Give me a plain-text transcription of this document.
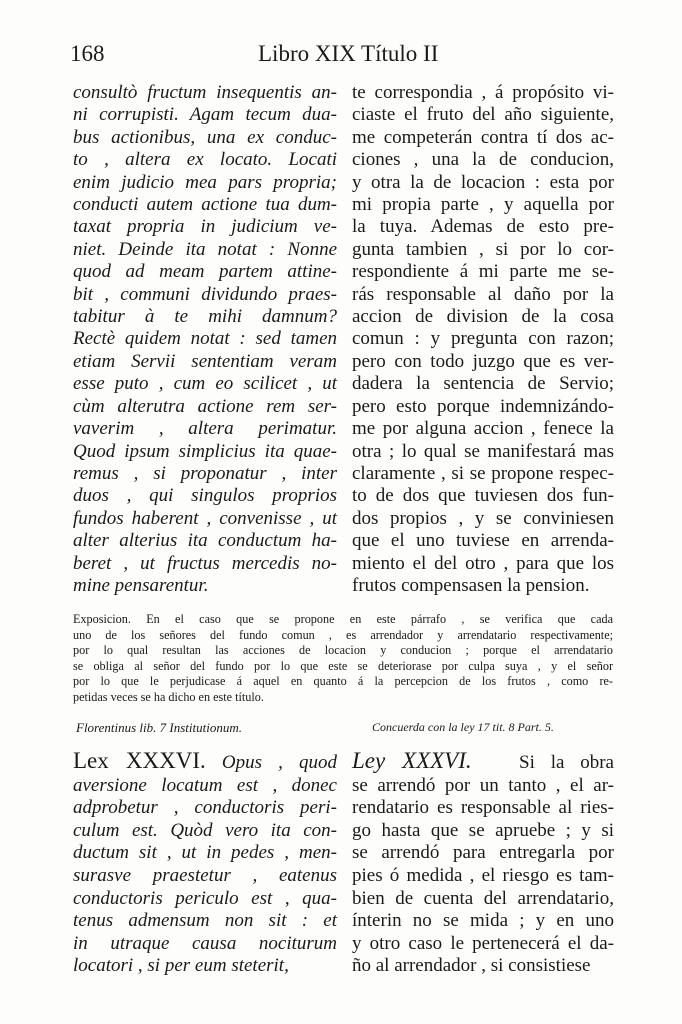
168	Libro XIX Título II
consultò fructum insequentis an-
ni corrupisti. Agam tecum dua-
bus actionibus, una ex conduc-
to , altera ex locato. Locati
enim judicio mea pars propria;
conducti autem actione tua dum-
taxat propria in judicium ve-
niet. Deinde ita notat : Nonne
quod ad meam partem attine-
bit , communi dividundo praes-
tabitur à te mihi damnum?
Rectè quidem notat : sed tamen
etiam Servii sententiam veram
esse puto , cum eo scilicet , ut
cùm alterutra actione rem ser-
vaverim , altera perimatur.
Quod ipsum simplicius ita quae-
remus , si proponatur , inter
duos , qui singulos proprios
fundos haberent , convenisse , ut
alter alterius ita conductum ha-
beret , ut fructus mercedis no-
mine pensarentur.
te correspondia , á propósito vi-
ciaste el fruto del año siguiente,
me competerán contra tí dos ac-
ciones , una la de conducion,
y otra la de locacion : esta por
mi propia parte , y aquella por
la tuya. Ademas de esto pre-
gunta tambien , si por lo cor-
respondiente á mi parte me se-
rás responsable al daño por la
accion de division de la cosa
comun : y pregunta con razon;
pero con todo juzgo que es ver-
dadera la sentencia de Servio;
pero esto porque indemnizándo-
me por alguna accion , fenece la
otra ; lo qual se manifestará mas
claramente , si se propone respec-
to de dos que tuviesen dos fun-
dos propios , y se conviniesen
que el uno tuviese en arrenda-
miento el del otro , para que los
frutos compensasen la pension.
Exposicion. En el caso que se propone en este párrafo , se verifica que cada
uno de los señores del fundo comun , es arrendador y arrendatario respectivamente;
por lo qual resultan las acciones de locacion y conducion ; porque el arrendatario
se obliga al señor del fundo por lo que este se deteriorase por culpa suya , y el señor
por lo que le perjudicase á aquel en quanto á la percepcion de los frutos , como re-
petidas veces se ha dicho en este título.
Florentinus lib. 7 Institutionum.	Concuerda con la ley 17 tit. 8 Part. 5.
Lex XXXVI. Opus , quod
aversione locatum est , donec
adprobetur , conductoris peri-
culum est. Quòd vero ita con-
ductum sit , ut in pedes , men-
surasve praestetur , eatenus
conductoris periculo est , qua-
tenus admensum non sit : et
in utraque causa nociturum
locatori , si per eum steterit,
Ley XXXVI. Si la obra
se arrendó por un tanto , el ar-
rendatario es responsable al ries-
go hasta que se apruebe ; y si
se arrendó para entregarla por
pies ó medida , el riesgo es tam-
bien de cuenta del arrendatario,
ínterin no se mida ; y en uno
y otro caso le pertenecerá el da-
ño al arrendador , si consistiese
